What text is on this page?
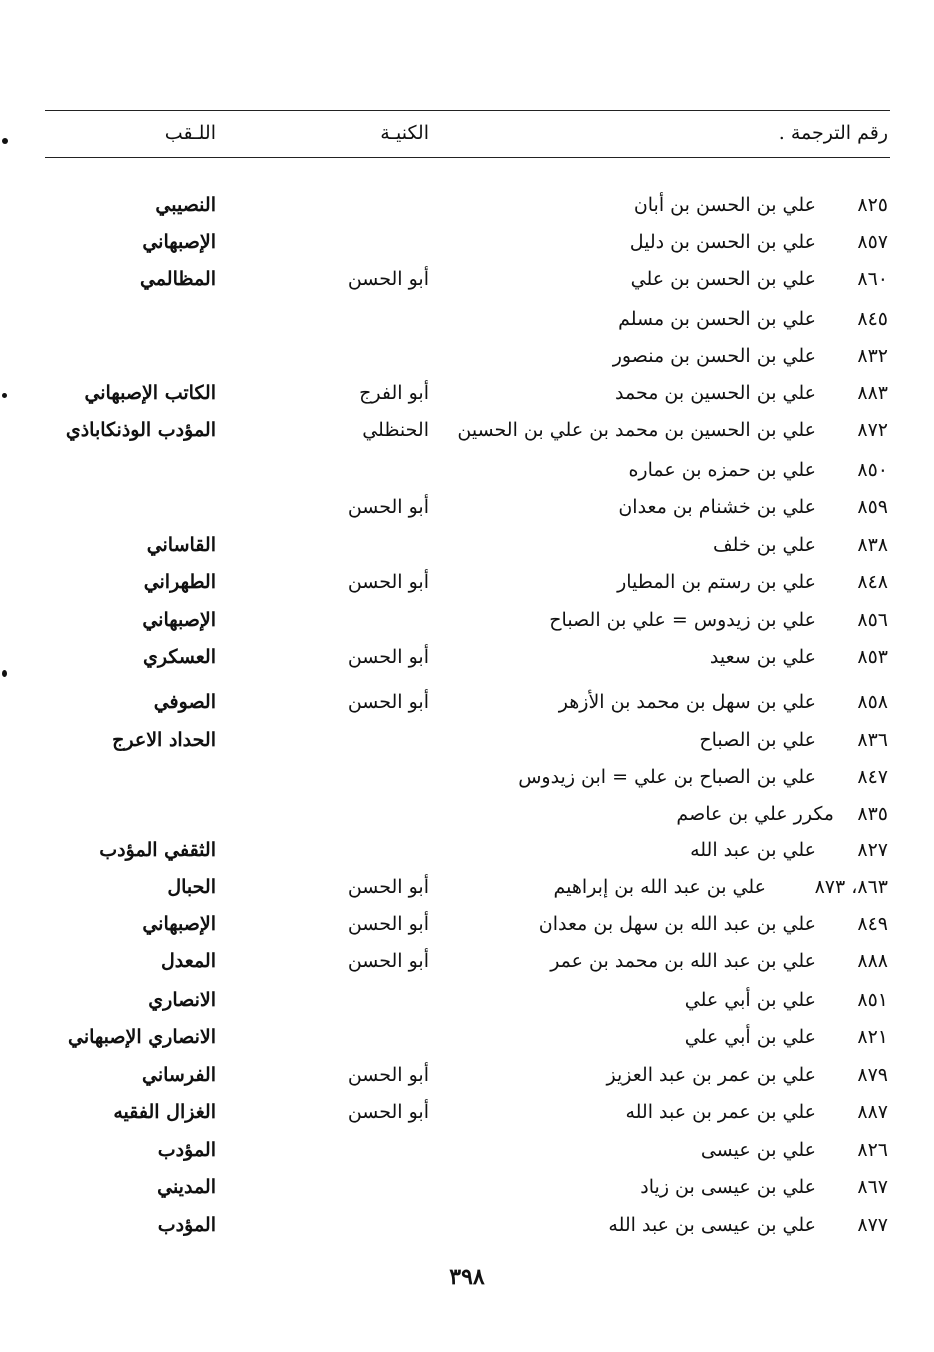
رقم الترجمة .
الكنيـة
اللـقب
٨٢٥
علي بن الحسن بن أبان
النصيبي
٨٥٧
علي بن الحسن بن دليل
الإصبهاني
٨٦٠
علي بن الحسن بن علي
أبو الحسن
المظالمي
٨٤٥
علي بن الحسن بن مسلم
٨٣٢
علي بن الحسن بن منصور
٨٨٣
علي بن الحسين بن محمد
أبو الفرج
الكاتب الإصبهاني
٨٧٢
علي بن الحسين بن محمد بن علي بن الحسين
الحنظلي
المؤدب الوذنكاباذي
٨٥٠
علي بن حمزه بن عماره
٨٥٩
علي بن خشنام بن معدان
أبو الحسن
٨٣٨
علي بن خلف
القاساني
٨٤٨
علي بن رستم بن المطيار
أبو الحسن
الطهراني
٨٥٦
علي بن زيدوس = علي بن الصباح
الإصبهاني
٨٥٣
علي بن سعيد
أبو الحسن
العسكري
٨٥٨
علي بن سهل بن محمد بن الأزهر
أبو الحسن
الصوفي
٨٣٦
علي بن الصباح
الحداد الاعرج
٨٤٧
علي بن الصباح بن علي = ابن زيدوس
٨٣٥
مكرر علي بن عاصم
٨٢٧
علي بن عبد الله
الثقفي المؤدب
٨٦٣، ٨٧٣
علي بن عبد الله بن إبراهيم
أبو الحسن
الحبال
٨٤٩
علي بن عبد الله بن سهل بن معدان
أبو الحسن
الإصبهاني
٨٨٨
علي بن عبد الله بن محمد بن عمر
أبو الحسن
المعدل
٨٥١
علي بن أبي علي
الانصاري
٨٢١
علي بن أبي علي
الانصاري الإصبهاني
٨٧٩
علي بن عمر بن عبد العزيز
أبو الحسن
الفرساني
٨٨٧
علي بن عمر بن عبد الله
أبو الحسن
الغزال الفقيه
٨٢٦
علي بن عيسى
المؤدب
٨٦٧
علي بن عيسى بن زياد
المديني
٨٧٧
علي بن عيسى بن عبد الله
المؤدب
٣٩٨
